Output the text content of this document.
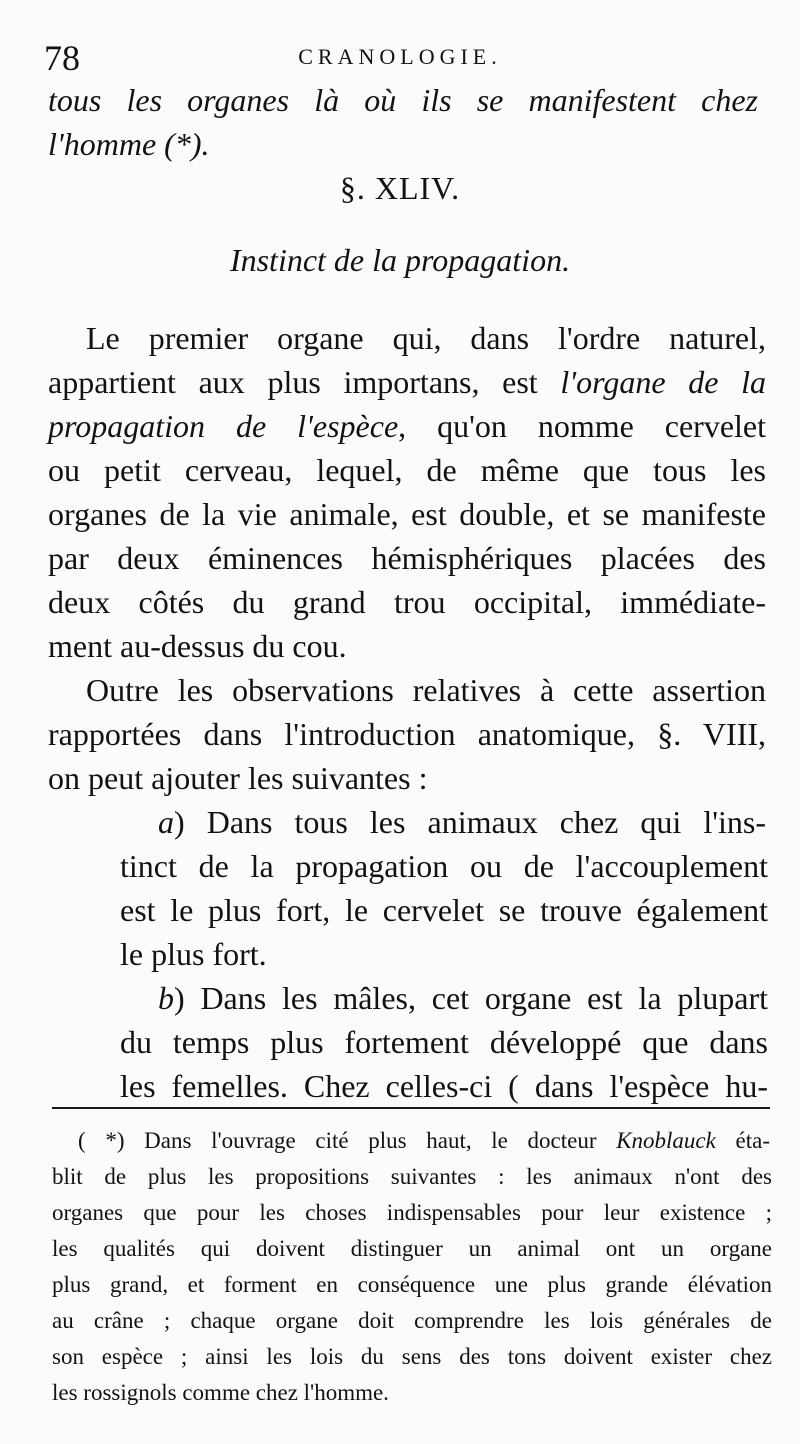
78	CRANOLOGIE.
tous les organes là où ils se manifestent chez
l'homme (*).
§. XLIV.
Instinct de la propagation.
Le premier organe qui, dans l'ordre naturel,
appartient aux plus importans, est l'organe de la
propagation de l'espèce, qu'on nomme cervelet
ou petit cerveau, lequel, de même que tous les
organes de la vie animale, est double, et se manifeste
par deux éminences hémisphériques placées des
deux côtés du grand trou occipital, immédiate-
ment au-dessus du cou.
Outre les observations relatives à cette assertion
rapportées dans l'introduction anatomique, §. VIII,
on peut ajouter les suivantes :
a) Dans tous les animaux chez qui l'ins-
tinct de la propagation ou de l'accouplement
est le plus fort, le cervelet se trouve également
le plus fort.
b) Dans les mâles, cet organe est la plupart
du temps plus fortement développé que dans
les femelles. Chez celles-ci ( dans l'espèce hu-
( *) Dans l'ouvrage cité plus haut, le docteur Knoblauck éta-
blit de plus les propositions suivantes : les animaux n'ont des
organes que pour les choses indispensables pour leur existence ;
les qualités qui doivent distinguer un animal ont un organe
plus grand, et forment en conséquence une plus grande élévation
au crâne ; chaque organe doit comprendre les lois générales de
son espèce ; ainsi les lois du sens des tons doivent exister chez
les rossignols comme chez l'homme.
